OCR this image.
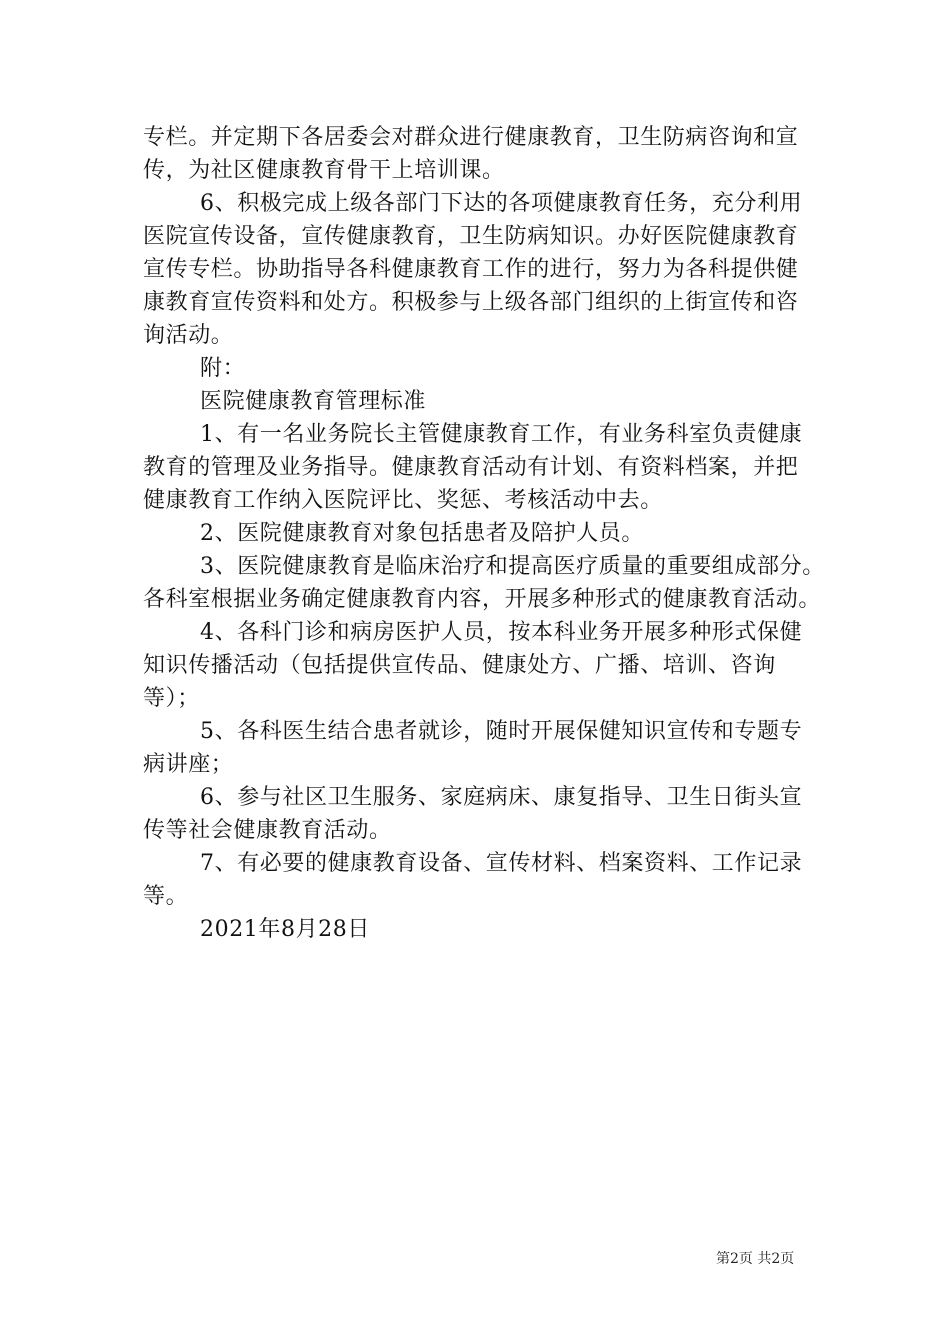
专栏。并定期下各居委会对群众进行健康教育，卫生防病咨询和宣
传，为社区健康教育骨干上培训课。

6、积极完成上级各部门下达的各项健康教育任务，充分利用
医院宣传设备，宣传健康教育，卫生防病知识。办好医院健康教育
宣传专栏。协助指导各科健康教育工作的进行，努力为各科提供健
康教育宣传资料和处方。积极参与上级各部门组织的上街宣传和咨
询活动。

附：

医院健康教育管理标准

1、有一名业务院长主管健康教育工作，有业务科室负责健康
教育的管理及业务指导。健康教育活动有计划、有资料档案，并把
健康教育工作纳入医院评比、奖惩、考核活动中去。

2、医院健康教育对象包括患者及陪护人员。

3、医院健康教育是临床治疗和提高医疗质量的重要组成部分。
各科室根据业务确定健康教育内容，开展多种形式的健康教育活动。

4、各科门诊和病房医护人员，按本科业务开展多种形式保健
知识传播活动（包括提供宣传品、健康处方、广播、培训、咨询
等）；

5、各科医生结合患者就诊，随时开展保健知识宣传和专题专
病讲座；

6、参与社区卫生服务、家庭病床、康复指导、卫生日街头宣
传等社会健康教育活动。

7、有必要的健康教育设备、宣传材料、档案资料、工作记录
等。

2021年8月28日

第2页 共2页
